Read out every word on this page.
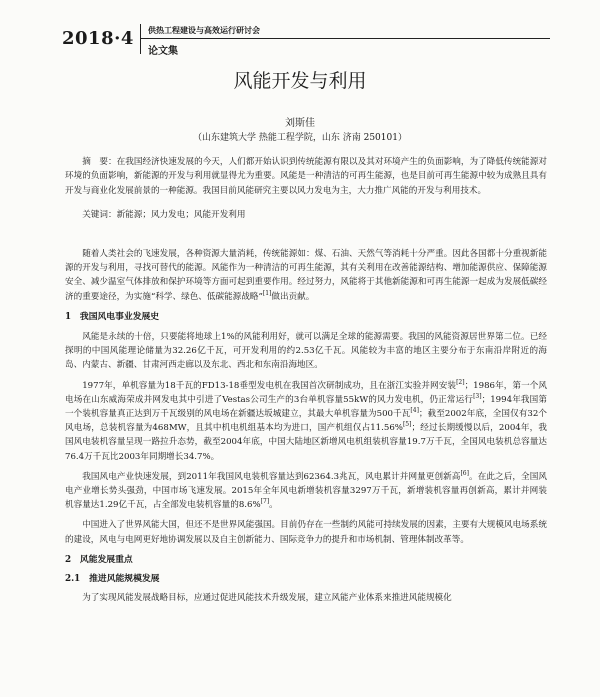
2018·4 供热工程建设与高效运行研讨会
论文集
风能开发与利用
刘斯佳
（山东建筑大学 热能工程学院，山东 济南 250101）
摘　要：在我国经济快速发展的今天，人们都开始认识到传统能源有限以及其对环境产生的负面影响，为了降低传统能源对环境的负面影响，新能源的开发与利用就显得尤为重要。风能是一种清洁的可再生能源，也是目前可再生能源中较为成熟且具有开发与商业化发展前景的一种能源。我国目前风能研究主要以风力发电为主，大力推广风能的开发与利用技术。
关键词：新能源；风力发电；风能开发利用

随着人类社会的飞速发展，各种资源大量消耗，传统能源如：煤、石油、天然气等消耗十分严重。因此各国都十分重视新能源的开发与利用，寻找可替代的能源。风能作为一种清洁的可再生能源，其有关利用在改善能源结构、增加能源供应、保障能源安全、减少温室气体排放和保护环境等方面可起到重要作用。经过努力，风能将于其他新能源和可再生能源一起成为发展低碳经济的重要途径，为实施“科学、绿色、低碳能源战略”[1]做出贡献。

1　我国风电事业发展史

风能是永续的十倍，只要能将地球上1%的风能利用好，就可以满足全球的能源需要。我国的风能资源居世界第二位。已经探明的中国风能理论储量为32.26亿千瓦，可开发利用的约2.53亿千瓦。风能较为丰富的地区主要分布于东南沿岸附近的海岛、内蒙古、新疆、甘肃河西走廊以及东北、西北和东南沿海地区。

1977年，单机容量为18千瓦的FD13-18垂型发电机在我国首次研制成功，且在浙江实验并网安装[2]；1986年，第一个风电场在山东威海荣成并网发电其中引进了Vestas公司生产的3台单机容量55kW的风力发电机，仍正常运行[3]；1994年我国第一个装机容量真正达到万千瓦级别的风电场在新疆达坂城建立，其最大单机容量为500千瓦[4]；截至2002年底，全国仅有32个风电场，总装机容量为468MW，且其中机电机组基本均为进口，国产机组仅占11.56%[5]；经过长期缓慢以后，2004年，我国风电装机容量呈现一路拉升态势，截至2004年底，中国大陆地区新增风电机组装机容量19.7万千瓦，全国风电装机总容量达76.4万千瓦比2003年同期增长34.7%。

我国风电产业快速发展，到2011年我国风电装机容量达到62364.3兆瓦，风电累计并网量更创新高[6]。在此之后，全国风电产业增长势头强劲，中国市场飞速发展。2015年全年风电新增装机容量3297万千瓦，新增装机容量再创新高，累计并网装机容量达1.29亿千瓦，占全部发电装机容量的8.6%[7]。

中国进入了世界风能大国，但还不是世界风能强国。目前仍存在一些制约风能可持续发展的因素，主要有大规模风电场系统的建设，风电与电网更好地协调发展以及自主创新能力、国际竞争力的提升和市场机制、管理体制改革等。

2　风能发展重点
2.1　推进风能规模发展

为了实现风能发展战略目标，应通过促进风能技术升级发展，建立风能产业体系来推进风能规模化
